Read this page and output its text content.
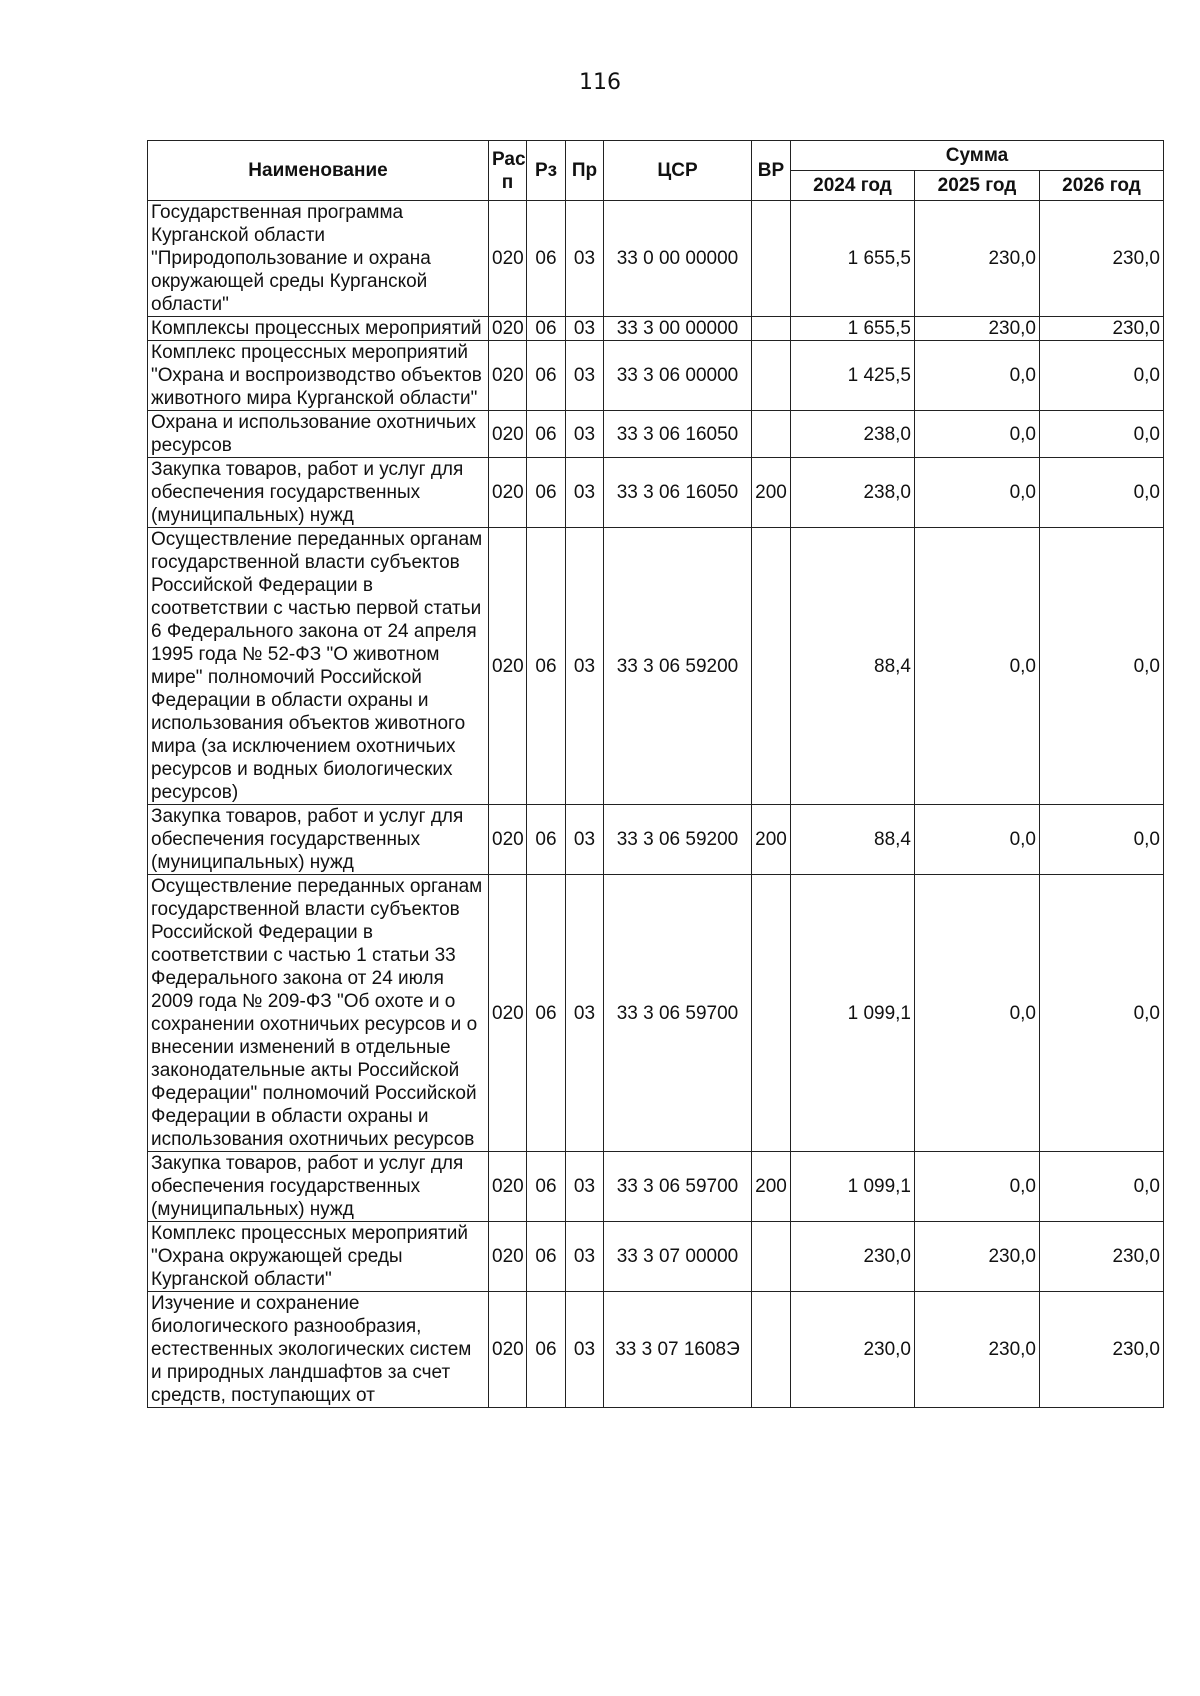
116
Наименование	Рас п	Рз	Пр	ЦСР	ВР	Сумма		
						2024 год	2025 год	2026 год
Государственная программа Курганской области "Природопользование и охрана окружающей среды Курганской области"	020	06	03	33 0 00 00000		1 655,5	230,0	230,0
Комплексы процессных мероприятий	020	06	03	33 3 00 00000		1 655,5	230,0	230,0
Комплекс процессных мероприятий "Охрана и воспроизводство объектов животного мира Курганской области"	020	06	03	33 3 06 00000		1 425,5	0,0	0,0
Охрана и использование охотничьих ресурсов	020	06	03	33 3 06 16050		238,0	0,0	0,0
Закупка товаров, работ и услуг для обеспечения государственных (муниципальных) нужд	020	06	03	33 3 06 16050	200	238,0	0,0	0,0
Осуществление переданных органам государственной власти субъектов Российской Федерации в соответствии с частью первой статьи 6 Федерального закона от 24 апреля 1995 года № 52-ФЗ "О животном мире" полномочий Российской Федерации в области охраны и использования объектов животного мира (за исключением охотничьих ресурсов и водных биологических ресурсов)	020	06	03	33 3 06 59200		88,4	0,0	0,0
Закупка товаров, работ и услуг для обеспечения государственных (муниципальных) нужд	020	06	03	33 3 06 59200	200	88,4	0,0	0,0
Осуществление переданных органам государственной власти субъектов Российской Федерации в соответствии с частью 1 статьи 33 Федерального закона от 24 июля 2009 года № 209-ФЗ "Об охоте и о сохранении охотничьих ресурсов и о внесении изменений в отдельные законодательные акты Российской Федерации" полномочий Российской Федерации в области охраны и использования охотничьих ресурсов	020	06	03	33 3 06 59700		1 099,1	0,0	0,0
Закупка товаров, работ и услуг для обеспечения государственных (муниципальных) нужд	020	06	03	33 3 06 59700	200	1 099,1	0,0	0,0
Комплекс процессных мероприятий "Охрана окружающей среды Курганской области"	020	06	03	33 3 07 00000		230,0	230,0	230,0
Изучение и сохранение биологического разнообразия, естественных экологических систем и природных ландшафтов за счет средств, поступающих от	020	06	03	33 3 07 1608Э		230,0	230,0	230,0
